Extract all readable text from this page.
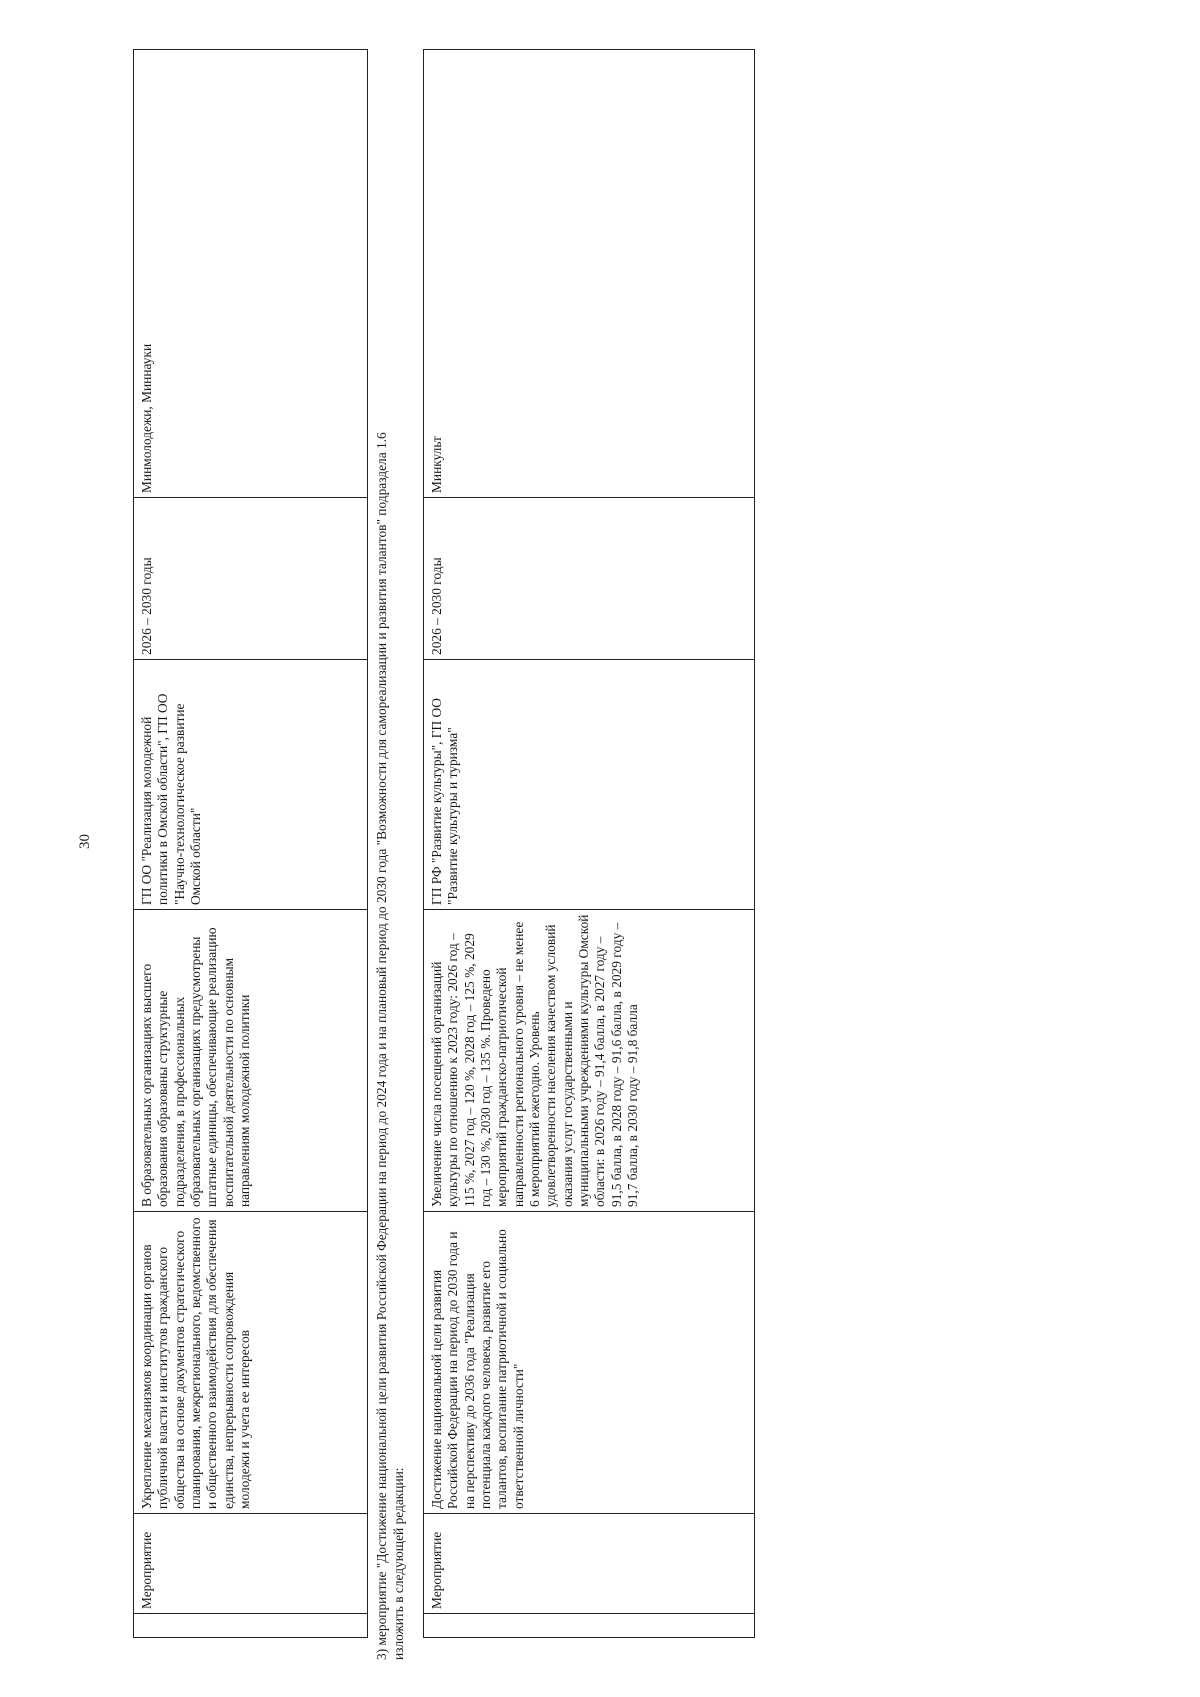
30
	Мероприятие	Укрепление механизмов координации органов публичной власти и институтов гражданского общества на основе документов стратегического планирования, межрегионального, ведомственного и общественного взаимодействия для обеспечения единства, непрерывности сопровождения молодежи и учета ее интересов	В образовательных организациях высшего образования образованы структурные подразделения, в профессиональных образовательных организациях предусмотрены штатные единицы, обеспечивающие реализацию воспитательной деятельности по основным направлениям молодежной политики	ГП ОО "Реализация молодежной политики в Омской области", ГП ОО "Научно-технологическое развитие Омской области"	2026 – 2030 годы	Минмолодежи, Миннауки

3) мероприятие "Достижение национальной цели развития Российской Федерации на период до 2024 года и на плановый период до 2030 года "Возможности для самореализации и развития талантов" подраздела 1.6 изложить в следующей редакции:

	Мероприятие	Достижение национальной цели развития Российской Федерации на период до 2030 года и на перспективу до 2036 года "Реализация потенциала каждого человека, развитие его талантов, воспитание патриотичной и социально ответственной личности"	Увеличение числа посещений организаций культуры по отношению к 2023 году: 2026 год – 115 %, 2027 год – 120 %, 2028 год – 125 %, 2029 год – 130 %, 2030 год – 135 %. Проведено мероприятий гражданско-патриотической направленности регионального уровня – не менее 6 мероприятий ежегодно. Уровень удовлетворенности населения качеством условий оказания услуг государственными и муниципальными учреждениями культуры Омской области: в 2026 году – 91,4 балла, в 2027 году – 91,5 балла, в 2028 году – 91,6 балла, в 2029 году – 91,7 балла, в 2030 году – 91,8 балла	ГП РФ "Развитие культуры", ГП ОО "Развитие культуры и туризма"	2026 – 2030 годы	Минкульт
